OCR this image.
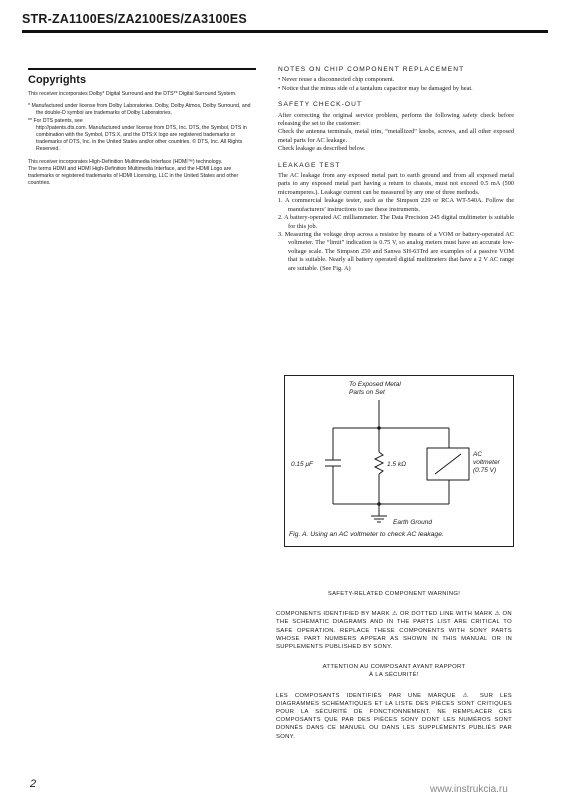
STR-ZA1100ES/ZA2100ES/ZA3100ES
Copyrights

This receiver incorporates Dolby* Digital Surround and the DTS** Digital Surround System.

* Manufactured under license from Dolby Laboratories. Dolby, Dolby Atmos, Dolby Surround, and the double-D symbol are trademarks of Dolby Laboratories.

** For DTS patents, see

http://patents.dts.com. Manufactured under license from DTS, Inc. DTS, the Symbol, DTS in combination with the Symbol, DTS:X, and the DTS:X logo are registered trademarks or trademarks of DTS, Inc. in the United States and/or other countries. © DTS, Inc. All Rights Reserved.

This receiver incorporates High-Definition Multimedia Interface (HDMI™) technology.

The terms HDMI and HDMI High-Definition Multimedia Interface, and the HDMI Logo are trademarks or registered trademarks of HDMI Licensing, LLC in the United States and other countries.

NOTES ON CHIP COMPONENT REPLACEMENT

• Never reuse a disconnected chip component.

• Notice that the minus side of a tantalum capacitor may be damaged by heat.

SAFETY CHECK-OUT

After correcting the original service problem, perform the following safety check before releasing the set to the customer:

Check the antenna terminals, metal trim, “metallized” knobs, screws, and all other exposed metal parts for AC leakage.

Check leakage as described below.

LEAKAGE TEST

The AC leakage from any exposed metal part to earth ground and from all exposed metal parts to any exposed metal part having a return to chassis, must not exceed 0.5 mA (500 microamperes.). Leakage current can be measured by any one of three methods.

1. A commercial leakage tester, such as the Simpson 229 or RCA WT-540A. Follow the manufacturers’ instructions to use these instruments.

2. A battery-operated AC milliammeter. The Data Precision 245 digital multimeter is suitable for this job.

3. Measuring the voltage drop across a resistor by means of a VOM or battery-operated AC voltmeter. The “limit” indication is 0.75 V, so analog meters must have an accurate low-voltage scale. The Simpson 250 and Sanwa SH-63Trd are examples of a passive VOM that is suitable. Nearly all battery operated digital multimeters that have a 2 V AC range are suitable. (See Fig. A)

To Exposed Metal
Parts on Set
0.15 μF	1.5 kΩ
AC
voltmeter
(0.75 V)
Earth Ground
Fig. A. Using an AC voltmeter to check AC leakage.

SAFETY-RELATED COMPONENT WARNING!

COMPONENTS IDENTIFIED BY MARK ⚠ OR DOTTED LINE WITH MARK ⚠ ON THE SCHEMATIC DIAGRAMS AND IN THE PARTS LIST ARE CRITICAL TO SAFE OPERATION. REPLACE THESE COMPONENTS WITH SONY PARTS WHOSE PART NUMBERS APPEAR AS SHOWN IN THIS MANUAL OR IN SUPPLEMENTS PUBLISHED BY SONY.

ATTENTION AU COMPOSANT AYANT RAPPORT

À LA SÉCURITÉ!

LES COMPOSANTS IDENTIFIÉS PAR UNE MARQUE ⚠ SUR LES DIAGRAMMES SCHÉMATIQUES ET LA LISTE DES PIÈCES SONT CRITIQUES POUR LA SÉCURITÉ DE FONCTIONNEMENT. NE REMPLACER CES COMPOSANTS QUE PAR DES PIÈCES SONY DONT LES NUMÉROS SONT DONNÉS DANS CE MANUEL OU DANS LES SUPPLÉMENTS PUBLIÉS PAR SONY.

2	www.instrukcia.ru
